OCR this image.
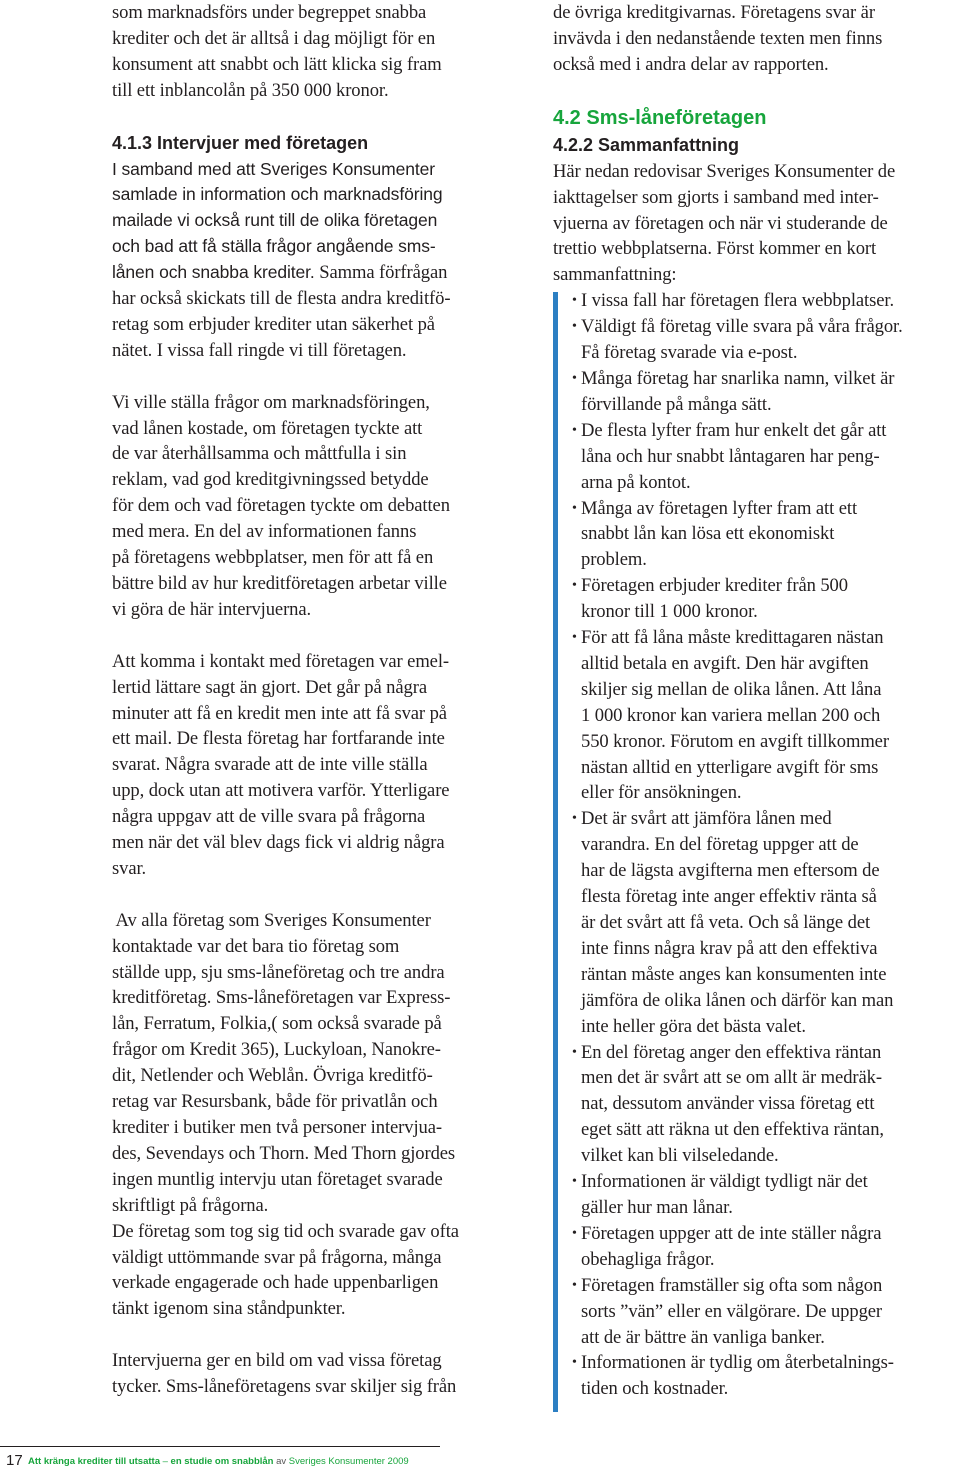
som marknadsförs under begreppet snabba

krediter och det är alltså i dag möjligt för en

konsument att snabbt och lätt klicka sig fram

till ett inblancolån på 350 000 kronor.

4.1.3 Intervjuer med företagen

I samband med att Sveriges Konsumenter

samlade in information och marknadsföring

mailade vi också runt till de olika företagen

och bad att få ställa frågor angående sms-

lånen och snabba krediter. Samma förfrågan

har också skickats till de flesta andra kreditfö-

retag som erbjuder krediter utan säkerhet på

nätet. I vissa fall ringde vi till företagen.

Vi ville ställa frågor om marknadsföringen,

vad lånen kostade, om företagen tyckte att

de var återhållsamma och måttfulla i sin

reklam, vad god kreditgivningssed betydde

för dem och vad företagen tyckte om debatten

med mera. En del av informationen fanns

på företagens webbplatser, men för att få en

bättre bild av hur kreditföretagen arbetar ville

vi göra de här intervjuerna.

Att komma i kontakt med företagen var emel-

lertid lättare sagt än gjort. Det går på några

minuter att få en kredit men inte att få svar på

ett mail. De flesta företag har fortfarande inte

svarat. Några svarade att de inte ville ställa

upp, dock utan att motivera varför. Ytterligare

några uppgav att de ville svara på frågorna

men när det väl blev dags fick vi aldrig några

svar.

Av alla företag som Sveriges Konsumenter

kontaktade var det bara tio företag som

ställde upp, sju sms-låneföretag och tre andra

kreditföretag. Sms-låneföretagen var Express-

lån, Ferratum, Folkia,( som också svarade på

frågor om Kredit 365), Luckyloan, Nanokre-

dit, Netlender och Weblån. Övriga kreditfö-

retag var Resursbank, både för privatlån och

krediter i butiker men två personer intervjua-

des, Sevendays och Thorn. Med Thorn gjordes

ingen muntlig intervju utan företaget svarade

skriftligt på frågorna.

De företag som tog sig tid och svarade gav ofta

väldigt uttömmande svar på frågorna, många

verkade engagerade och hade uppenbarligen

tänkt igenom sina ståndpunkter.

Intervjuerna ger en bild om vad vissa företag

tycker. Sms-låneföretagens svar skiljer sig från

de övriga kreditgivarnas. Företagens svar är

invävda i den nedanstående texten men finns

också med i andra delar av rapporten.

4.2 Sms-låneföretagen
4.2.2 Sammanfattning

Här nedan redovisar Sveriges Konsumenter de

iakttagelser som gjorts i samband med inter-

vjuerna av företagen och när vi studerande de

trettio webbplatserna. Först kommer en kort

sammanfattning:

• I vissa fall har företagen flera webbplatser.
• Väldigt få företag ville svara på våra frågor.
Få företag svarade via e-post.
• Många företag har snarlika namn, vilket är
förvillande på många sätt.
• De flesta lyfter fram hur enkelt det går att
låna och hur snabbt låntagaren har peng-
arna på kontot.
• Många av företagen lyfter fram att ett
snabbt lån kan lösa ett ekonomiskt
problem.
• Företagen erbjuder krediter från 500
kronor till 1 000 kronor.
• För att få låna måste kredittagaren nästan
alltid betala en avgift. Den här avgiften
skiljer sig mellan de olika lånen. Att låna
1 000 kronor kan variera mellan 200 och
550 kronor. Förutom en avgift tillkommer
nästan alltid en ytterligare avgift för sms
eller för ansökningen.
• Det är svårt att jämföra lånen med
varandra. En del företag uppger att de
har de lägsta avgifterna men eftersom de
flesta företag inte anger effektiv ränta så
är det svårt att få veta. Och så länge det
inte finns några krav på att den effektiva
räntan måste anges kan konsumenten inte
jämföra de olika lånen och därför kan man
inte heller göra det bästa valet.
• En del företag anger den effektiva räntan
men det är svårt att se om allt är medräk-
nat, dessutom använder vissa företag ett
eget sätt att räkna ut den effektiva räntan,
vilket kan bli vilseledande.
• Informationen är väldigt tydligt när det
gäller hur man lånar.
• Företagen uppger att de inte ställer några
obehagliga frågor.
• Företagen framställer sig ofta som någon
sorts ”vän” eller en välgörare. De uppger
att de är bättre än vanliga banker.
• Informationen är tydlig om återbetalnings-
tiden och kostnader.
17 Att kränga krediter till utsatta – en studie om snabblån av Sveriges Konsumenter 2009
